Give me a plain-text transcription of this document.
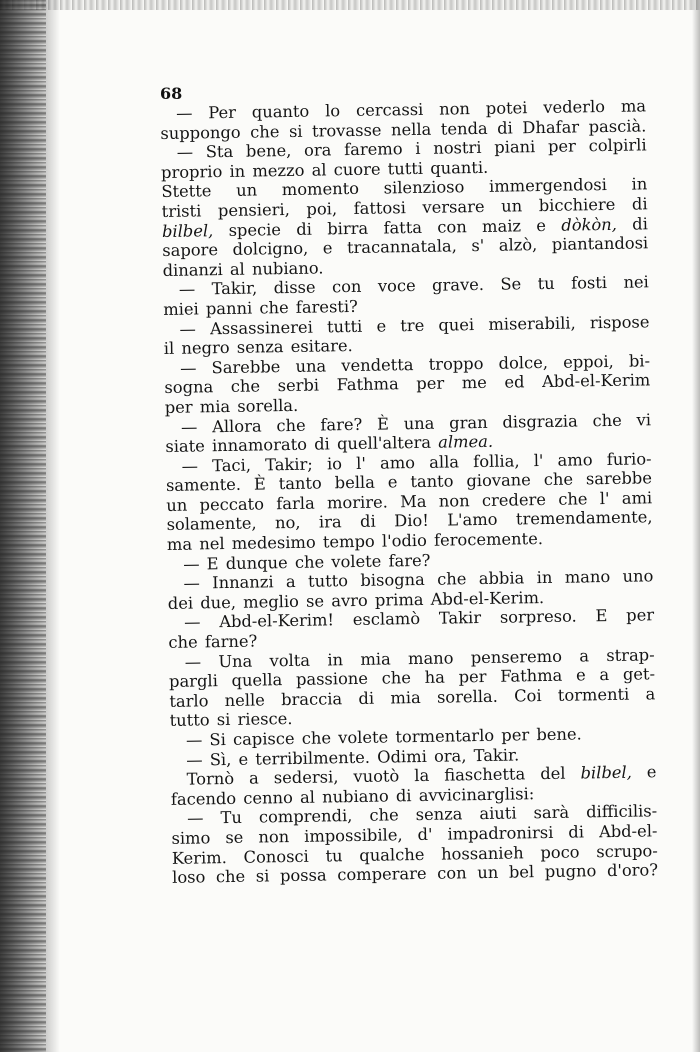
68
— Per quanto lo cercassi non potei vederlo ma
suppongo che si trovasse nella tenda di Dhafar pascià.
— Sta bene, ora faremo i nostri piani per colpirli
proprio
in
mezzo
al
cuore
tutti
quanti.
Stette un momento silenzioso immergendosi in
tristi pensieri, poi, fattosi versare un bicchiere di
bilbel, specie di birra fatta con maiz e dòkòn, di
sapore dolcigno, e tracannatala, s' alzò, piantandosi
dinanzi
al
nubiano.
— Takir, disse con voce grave. Se tu fosti nei
miei
panni
che
faresti?
— Assassinerei tutti e tre quei miserabili, rispose
il
negro
senza
esitare.
— Sarebbe una vendetta troppo dolce, eppoi, bi-
sogna che serbi Fathma per me ed Abd-el-Kerim
per
mia
sorella.
— Allora che fare? È una gran disgrazia che vi
siate
innamorato
di
quell'altera
almea.
— Taci, Takir; io l' amo alla follia, l' amo furio-
samente. È tanto bella e tanto giovane che sarebbe
un peccato farla morire. Ma non credere che l' ami
solamente, no, ira di Dio! L'amo tremendamente,
ma
nel
medesimo
tempo
l'odio
ferocemente.
—
E
dunque
che
volete
fare?
— Innanzi a tutto bisogna che abbia in mano uno
dei
due,
meglio
se
avro
prima
Abd-el-Kerim.
— Abd-el-Kerim! esclamò Takir sorpreso. E per
che
farne?
— Una volta in mia mano penseremo a strap-
pargli quella passione che ha per Fathma e a get-
tarlo nelle braccia di mia sorella. Coi tormenti a
tutto
si
riesce.
—
Si
capisce
che
volete
tormentarlo
per
bene.
—
Sì,
e
terribilmente.
Odimi
ora,
Takir.
Tornò a sedersi, vuotò la fiaschetta del bilbel, e
facendo
cenno
al
nubiano
di
avvicinarglisi:
— Tu comprendi, che senza aiuti sarà difficilis-
simo se non impossibile, d' impadronirsi di Abd-el-
Kerim. Conosci tu qualche hossanieh poco scrupo-
loso che si possa comperare con un bel pugno d'oro?
